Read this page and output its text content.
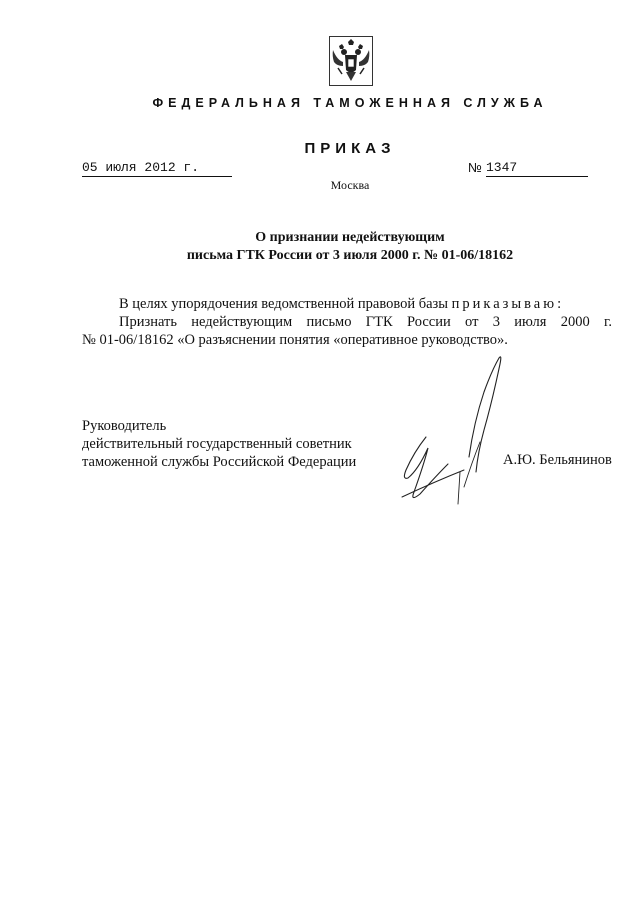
ФЕДЕРАЛЬНАЯ ТАМОЖЕННАЯ СЛУЖБА
ПРИКАЗ
05 июля 2012 г.	№ 1347
Москва
О признании недействующим
письма ГТК России от 3 июля 2000 г. № 01-06/18162

В целях упорядочения ведомственной правовой базы приказываю:

Признать недействующим письмо ГТК России от 3 июля 2000 г.

№ 01-06/18162 «О разъяснении понятия «оперативное руководство».

Руководитель
действительный государственный советник
таможенной службы Российской Федерации	А.Ю. Бельянинов
